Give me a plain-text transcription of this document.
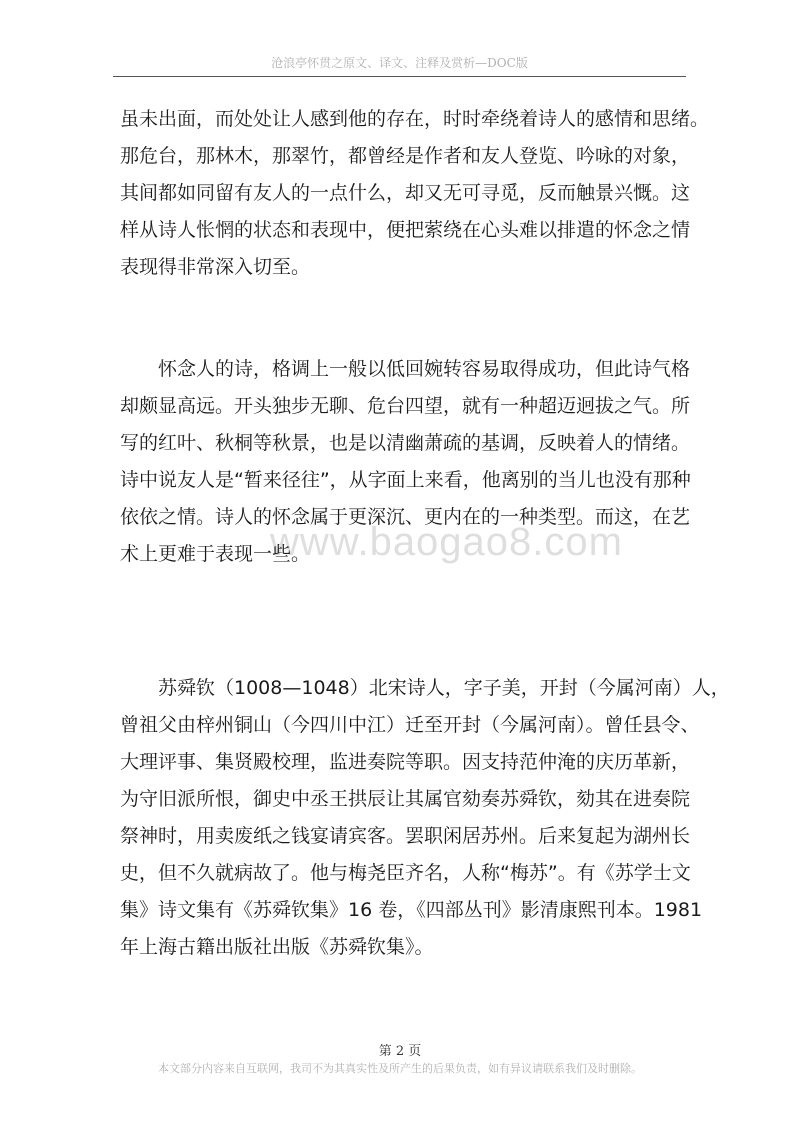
沧浪亭怀贯之原文、译文、注释及赏析—DOC版
虽未出面，而处处让人感到他的存在，时时牵绕着诗人的感情和思绪。
那危台，那林木，那翠竹，都曾经是作者和友人登览、吟咏的对象，
其间都如同留有友人的一点什么，却又无可寻觅，反而触景兴慨。这
样从诗人怅惘的状态和表现中，便把萦绕在心头难以排遣的怀念之情
表现得非常深入切至。
　　怀念人的诗，格调上一般以低回婉转容易取得成功，但此诗气格
却颇显高远。开头独步无聊、危台四望，就有一种超迈迥拔之气。所
写的红叶、秋桐等秋景，也是以清幽萧疏的基调，反映着人的情绪。
诗中说友人是“暂来径往”，从字面上来看，他离别的当儿也没有那种
依依之情。诗人的怀念属于更深沉、更内在的一种类型。而这，在艺
术上更难于表现一些。
www.baogao8.com
　　苏舜钦（1008—1048）北宋诗人，字子美，开封（今属河南）人，
曾祖父由梓州铜山（今四川中江）迁至开封（今属河南）。曾任县令、
大理评事、集贤殿校理，监进奏院等职。因支持范仲淹的庆历革新，
为守旧派所恨，御史中丞王拱辰让其属官劾奏苏舜钦，劾其在进奏院
祭神时，用卖废纸之钱宴请宾客。罢职闲居苏州。后来复起为湖州长
史，但不久就病故了。他与梅尧臣齐名，人称“梅苏”。有《苏学士文
集》诗文集有《苏舜钦集》16 卷，《四部丛刊》影清康熙刊本。1981
年上海古籍出版社出版《苏舜钦集》。
第 2 页
本文部分内容来自互联网，我司不为其真实性及所产生的后果负责，如有异议请联系我们及时删除。
